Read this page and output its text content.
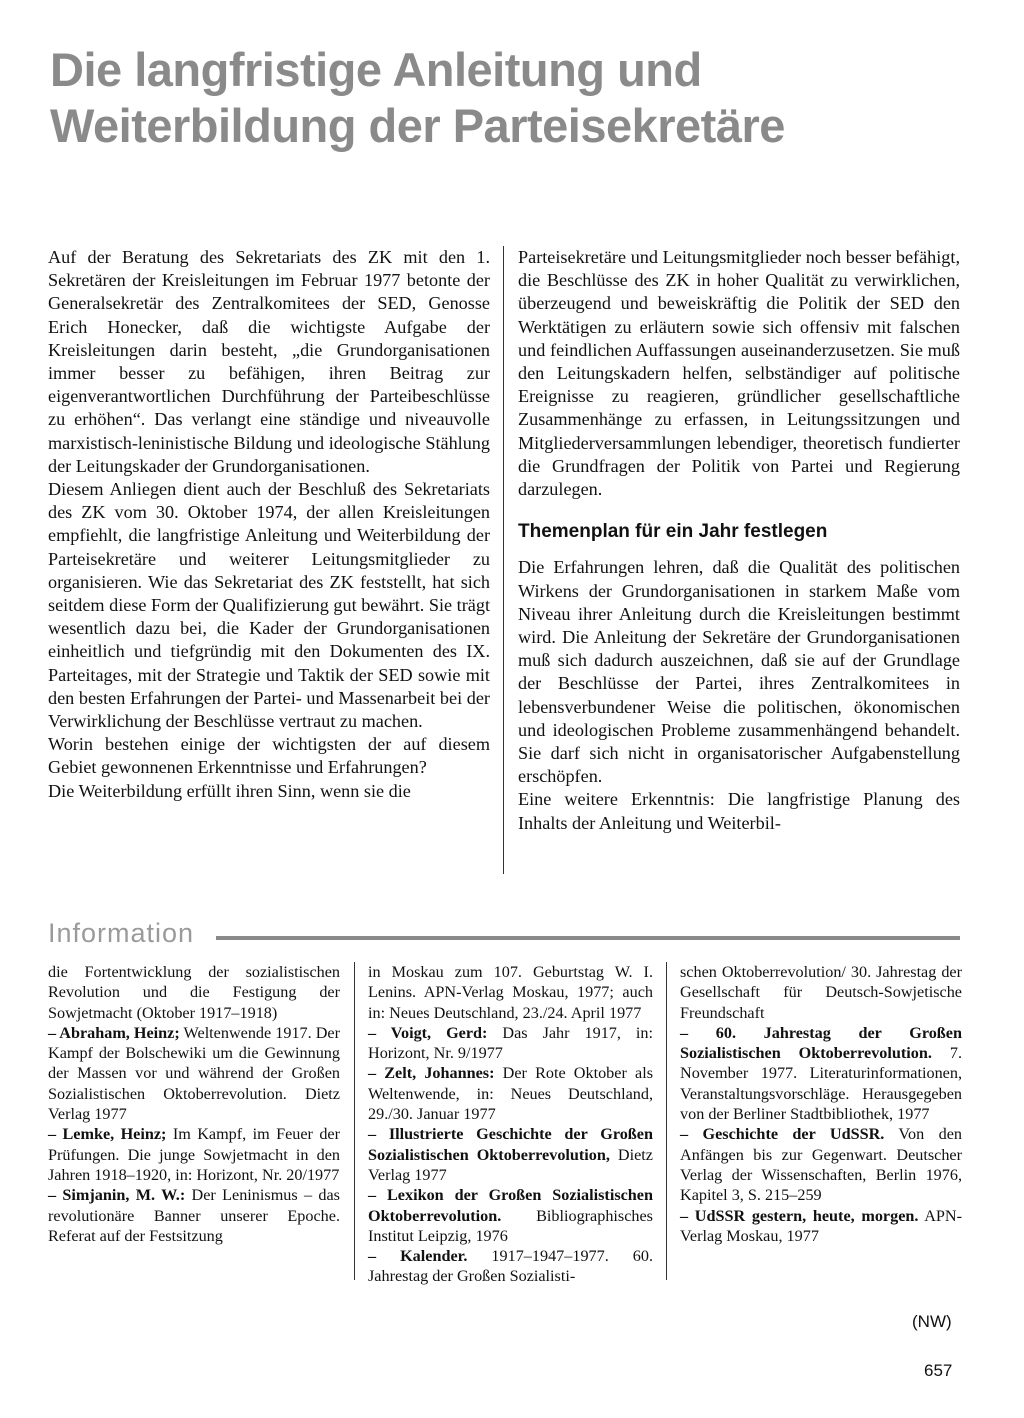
Die langfristige Anleitung und
Weiterbildung der Parteisekretäre

Auf der Beratung des Sekretariats des ZK mit den 1. Sekretären der Kreisleitungen im Februar 1977 betonte der Generalsekretär des Zentralkomitees der SED, Genosse Erich Honecker, daß die wichtigste Aufgabe der Kreisleitungen darin besteht, „die Grundorganisationen immer besser zu befähigen, ihren Beitrag zur eigenverantwortlichen Durchführung der Parteibeschlüsse zu erhöhen“. Das verlangt eine ständige und niveauvolle marxistisch-leninistische Bildung und ideologische Stählung der Leitungskader der Grundorganisationen.

Diesem Anliegen dient auch der Beschluß des Sekretariats des ZK vom 30. Oktober 1974, der allen Kreisleitungen empfiehlt, die langfristige Anleitung und Weiterbildung der Parteisekretäre und weiterer Leitungsmitglieder zu organisieren. Wie das Sekretariat des ZK feststellt, hat sich seitdem diese Form der Qualifizierung gut bewährt. Sie trägt wesentlich dazu bei, die Kader der Grundorganisationen einheitlich und tiefgründig mit den Dokumenten des IX. Parteitages, mit der Strategie und Taktik der SED sowie mit den besten Erfahrungen der Partei- und Massenarbeit bei der Verwirklichung der Beschlüsse vertraut zu machen.

Worin bestehen einige der wichtigsten der auf diesem Gebiet gewonnenen Erkenntnisse und Erfahrungen?

Die Weiterbildung erfüllt ihren Sinn, wenn sie die

Parteisekretäre und Leitungsmitglieder noch besser befähigt, die Beschlüsse des ZK in hoher Qualität zu verwirklichen, überzeugend und beweiskräftig die Politik der SED den Werktätigen zu erläutern sowie sich offensiv mit falschen und feindlichen Auffassungen auseinanderzusetzen. Sie muß den Leitungskadern helfen, selbständiger auf politische Ereignisse zu reagieren, gründlicher gesellschaftliche Zusammenhänge zu erfassen, in Leitungssitzungen und Mitgliederversammlungen lebendiger, theoretisch fundierter die Grundfragen der Politik von Partei und Regierung darzulegen.

Themenplan für ein Jahr festlegen

Die Erfahrungen lehren, daß die Qualität des politischen Wirkens der Grundorganisationen in starkem Maße vom Niveau ihrer Anleitung durch die Kreisleitungen bestimmt wird. Die Anleitung der Sekretäre der Grundorganisationen muß sich dadurch auszeichnen, daß sie auf der Grundlage der Beschlüsse der Partei, ihres Zentralkomitees in lebensverbundener Weise die politischen, ökonomischen und ideologischen Probleme zusammenhängend behandelt. Sie darf sich nicht in organisatorischer Aufgabenstellung erschöpfen.

Eine weitere Erkenntnis: Die langfristige Planung des Inhalts der Anleitung und Weiterbil-

Information

die Fortentwicklung der sozialistischen Revolution und die Festigung der Sowjetmacht (Oktober 1917–1918)

– Abraham, Heinz; Weltenwende 1917. Der Kampf der Bolschewiki um die Gewinnung der Massen vor und während der Großen Sozialistischen Oktoberrevolution. Dietz Verlag 1977

– Lemke, Heinz; Im Kampf, im Feuer der Prüfungen. Die junge Sowjetmacht in den Jahren 1918–1920, in: Horizont, Nr. 20/1977

– Simjanin, M. W.: Der Leninismus – das revolutionäre Banner unserer Epoche. Referat auf der Festsitzung

in Moskau zum 107. Geburtstag W. I. Lenins. APN-Verlag Moskau, 1977; auch in: Neues Deutschland, 23./24. April 1977

– Voigt, Gerd: Das Jahr 1917, in: Horizont, Nr. 9/1977

– Zelt, Johannes: Der Rote Oktober als Weltenwende, in: Neues Deutschland, 29./30. Januar 1977

– Illustrierte Geschichte der Großen Sozialistischen Oktoberrevolution, Dietz Verlag 1977

– Lexikon der Großen Sozialistischen Oktoberrevolution. Bibliographisches Institut Leipzig, 1976

– Kalender. 1917–1947–1977. 60. Jahrestag der Großen Sozialisti-

schen Oktoberrevolution/ 30. Jahrestag der Gesellschaft für Deutsch-Sowjetische Freundschaft

– 60. Jahrestag der Großen Sozialistischen Oktoberrevolution. 7. November 1977. Literaturinformationen, Veranstaltungsvorschläge. Herausgegeben von der Berliner Stadtbibliothek, 1977

– Geschichte der UdSSR. Von den Anfängen bis zur Gegenwart. Deutscher Verlag der Wissenschaften, Berlin 1976, Kapitel 3, S. 215–259

– UdSSR gestern, heute, morgen. APN-Verlag Moskau, 1977

(NW)
657
